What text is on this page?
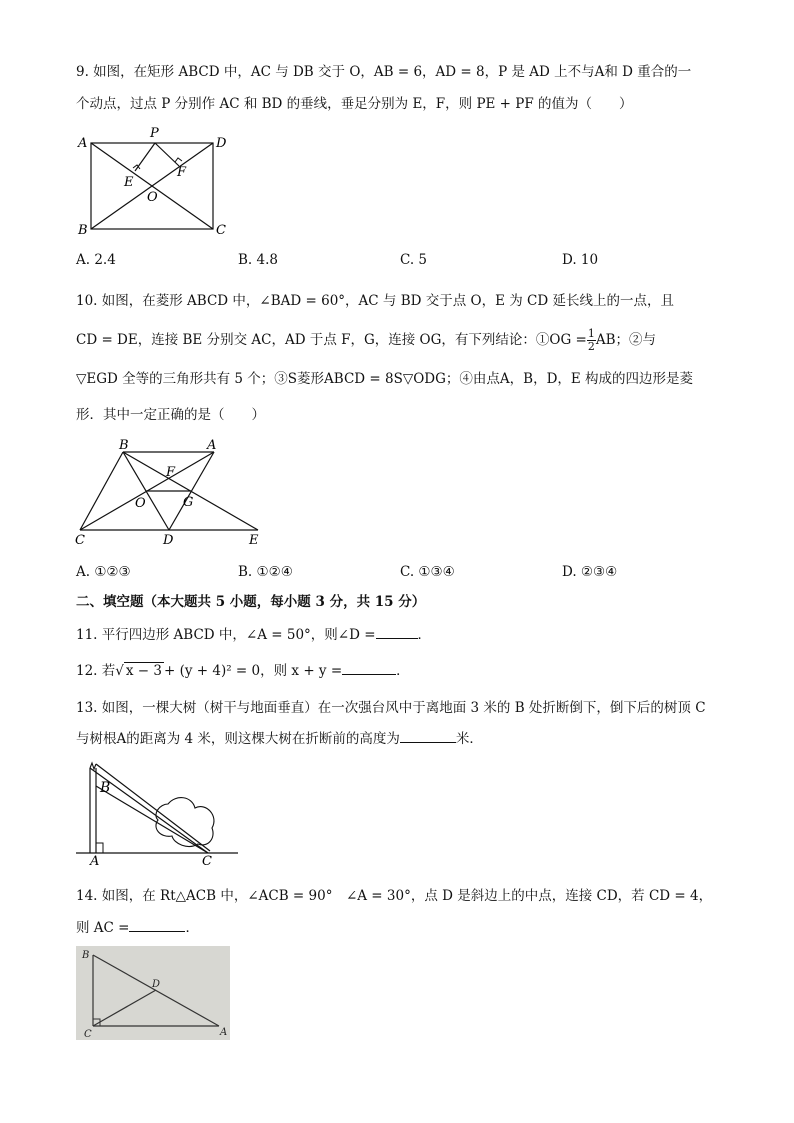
9. 如图，在矩形 ABCD 中，AC 与 DB 交于 O，AB = 6，AD = 8，P 是 AD 上不与A和 D 重合的一
个动点，过点 P 分别作 AC 和 BD 的垂线，垂足分别为 E，F，则 PE + PF 的值为（　　）
A
P
D
E
F
O
B	C
A. 2.4	B. 4.8	C. 5	D. 10
10. 如图，在菱形 ABCD 中，∠BAD = 60°，AC 与 BD 交于点 O，E 为 CD 延长线上的一点，且
CD = DE，连接 BE 分别交 AC，AD 于点 F，G，连接 OG，有下列结论：①OG = $\frac{1}{2}$ AB；②与
▽EGD 全等的三角形共有 5 个；③S菱形ABCD = 8S▽ODG；④由点A，B，D，E 构成的四边形是菱
形．其中一定正确的是（　　）
B	A
F
O	G
C	D	E
A. ①②③	B. ①②④	C. ①③④	D. ②③④
二、填空题（本大题共 5 小题，每小题 3 分，共 15 分）
11. 平行四边形 ABCD 中，∠A = 50°，则∠D =	．
12. 若√ x − 3 + (y + 4)² = 0，则 x + y =	．
13. 如图，一棵大树（树干与地面垂直）在一次强台风中于离地面 3 米的 B 处折断倒下，倒下后的树顶 C
与树根A的距离为 4 米，则这棵大树在折断前的高度为	米．
B
A	C
14. 如图，在 Rt△ACB 中，∠ACB = 90°　∠A = 30°，点 D 是斜边上的中点，连接 CD，若 CD = 4，
则 AC =	．
B
D
C	A
